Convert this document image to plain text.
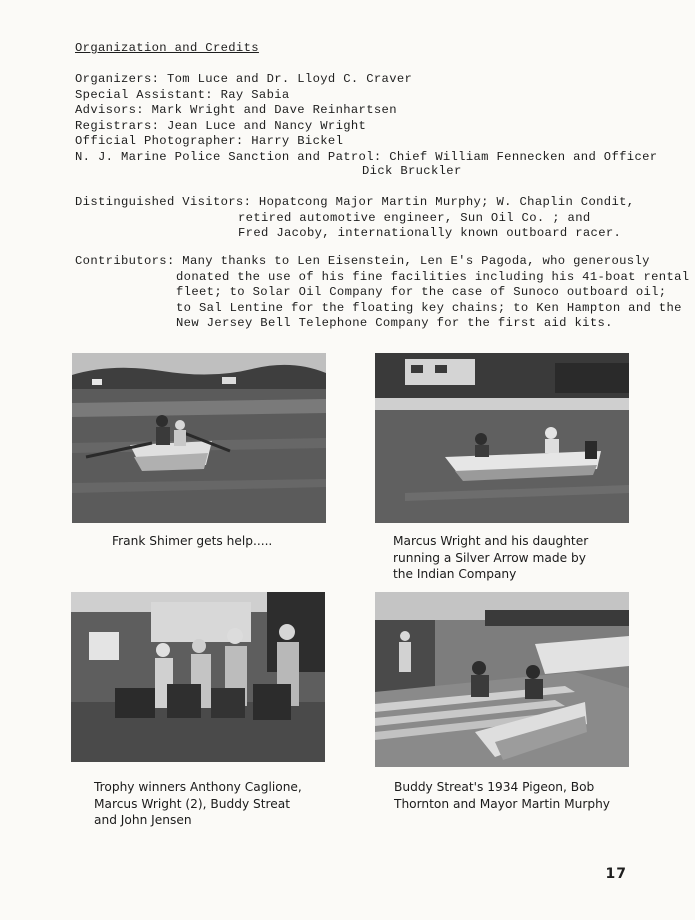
Organization and Credits
Organizers: Tom Luce and Dr. Lloyd C. Craver
Special Assistant: Ray Sabia
Advisors: Mark Wright and Dave Reinhartsen
Registrars: Jean Luce and Nancy Wright
Official Photographer: Harry Bickel
N. J. Marine Police Sanction and Patrol: Chief William Fennecken and Officer
Dick Bruckler
Distinguished Visitors: Hopatcong Major Martin Murphy; W. Chaplin Condit,
retired automotive engineer, Sun Oil Co. ; and
Fred Jacoby, internationally known outboard racer.
Contributors: Many thanks to Len Eisenstein, Len E's Pagoda, who generously
donated the use of his fine facilities including his 41-boat rental
fleet; to Solar Oil Company for the case of Sunoco outboard oil;
to Sal Lentine for the floating key chains; to Ken Hampton and the
New Jersey Bell Telephone Company for the first aid kits.
Frank Shimer gets help.....	Marcus Wright and his daughter
running a Silver Arrow made by
the Indian Company
Trophy winners Anthony Caglione,
Marcus Wright (2), Buddy Streat
and John Jensen
Buddy Streat's 1934 Pigeon, Bob
Thornton and Mayor Martin Murphy
17
